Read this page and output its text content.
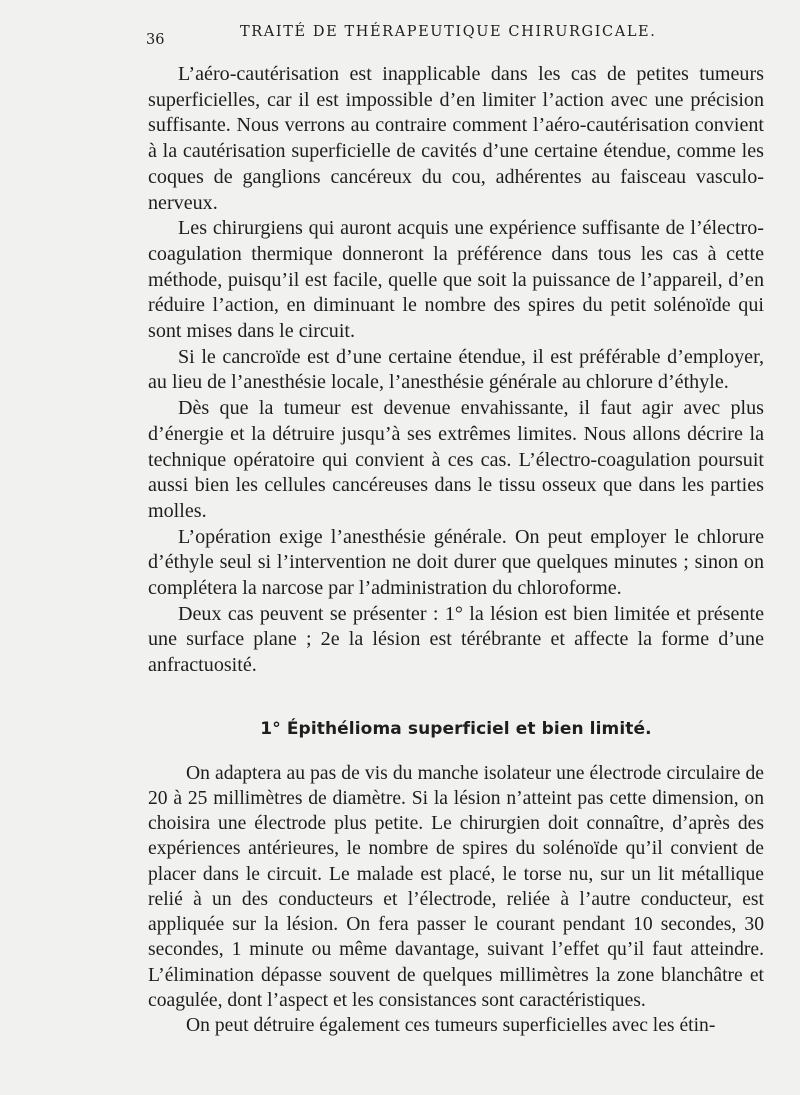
36	TRAITÉ DE THÉRAPEUTIQUE CHIRURGICALE.

L’aéro-cautérisation est inapplicable dans les cas de petites tumeurs superficielles, car il est impossible d’en limiter l’action avec une précision suffisante. Nous verrons au contraire comment l’aéro-cautérisation convient à la cautérisation superficielle de cavités d’une certaine étendue, comme les coques de ganglions cancéreux du cou, adhérentes au faisceau vasculo-nerveux.

Les chirurgiens qui auront acquis une expérience suffisante de l’électro-coagulation thermique donneront la préférence dans tous les cas à cette méthode, puisqu’il est facile, quelle que soit la puissance de l’appareil, d’en réduire l’action, en diminuant le nombre des spires du petit solénoïde qui sont mises dans le circuit.

Si le cancroïde est d’une certaine étendue, il est préférable d’employer, au lieu de l’anesthésie locale, l’anesthésie générale au chlorure d’éthyle.

Dès que la tumeur est devenue envahissante, il faut agir avec plus d’énergie et la détruire jusqu’à ses extrêmes limites. Nous allons décrire la technique opératoire qui convient à ces cas. L’électro-coagulation poursuit aussi bien les cellules cancéreuses dans le tissu osseux que dans les parties molles.

L’opération exige l’anesthésie générale. On peut employer le chlorure d’éthyle seul si l’intervention ne doit durer que quelques minutes ; sinon on complétera la narcose par l’administration du chloroforme.

Deux cas peuvent se présenter : 1° la lésion est bien limitée et présente une surface plane ; 2e la lésion est térébrante et affecte la forme d’une anfractuosité.

1° Épithélioma superficiel et bien limité.

On adaptera au pas de vis du manche isolateur une électrode circulaire de 20 à 25 millimètres de diamètre. Si la lésion n’atteint pas cette dimension, on choisira une électrode plus petite. Le chirurgien doit connaître, d’après des expériences antérieures, le nombre de spires du solénoïde qu’il convient de placer dans le circuit. Le malade est placé, le torse nu, sur un lit métallique relié à un des conducteurs et l’électrode, reliée à l’autre conducteur, est appliquée sur la lésion. On fera passer le courant pendant 10 secondes, 30 secondes, 1 minute ou même davantage, suivant l’effet qu’il faut atteindre. L’élimination dépasse souvent de quelques millimètres la zone blanchâtre et coagulée, dont l’aspect et les consistances sont caractéristiques.

On peut détruire également ces tumeurs superficielles avec les étin-
